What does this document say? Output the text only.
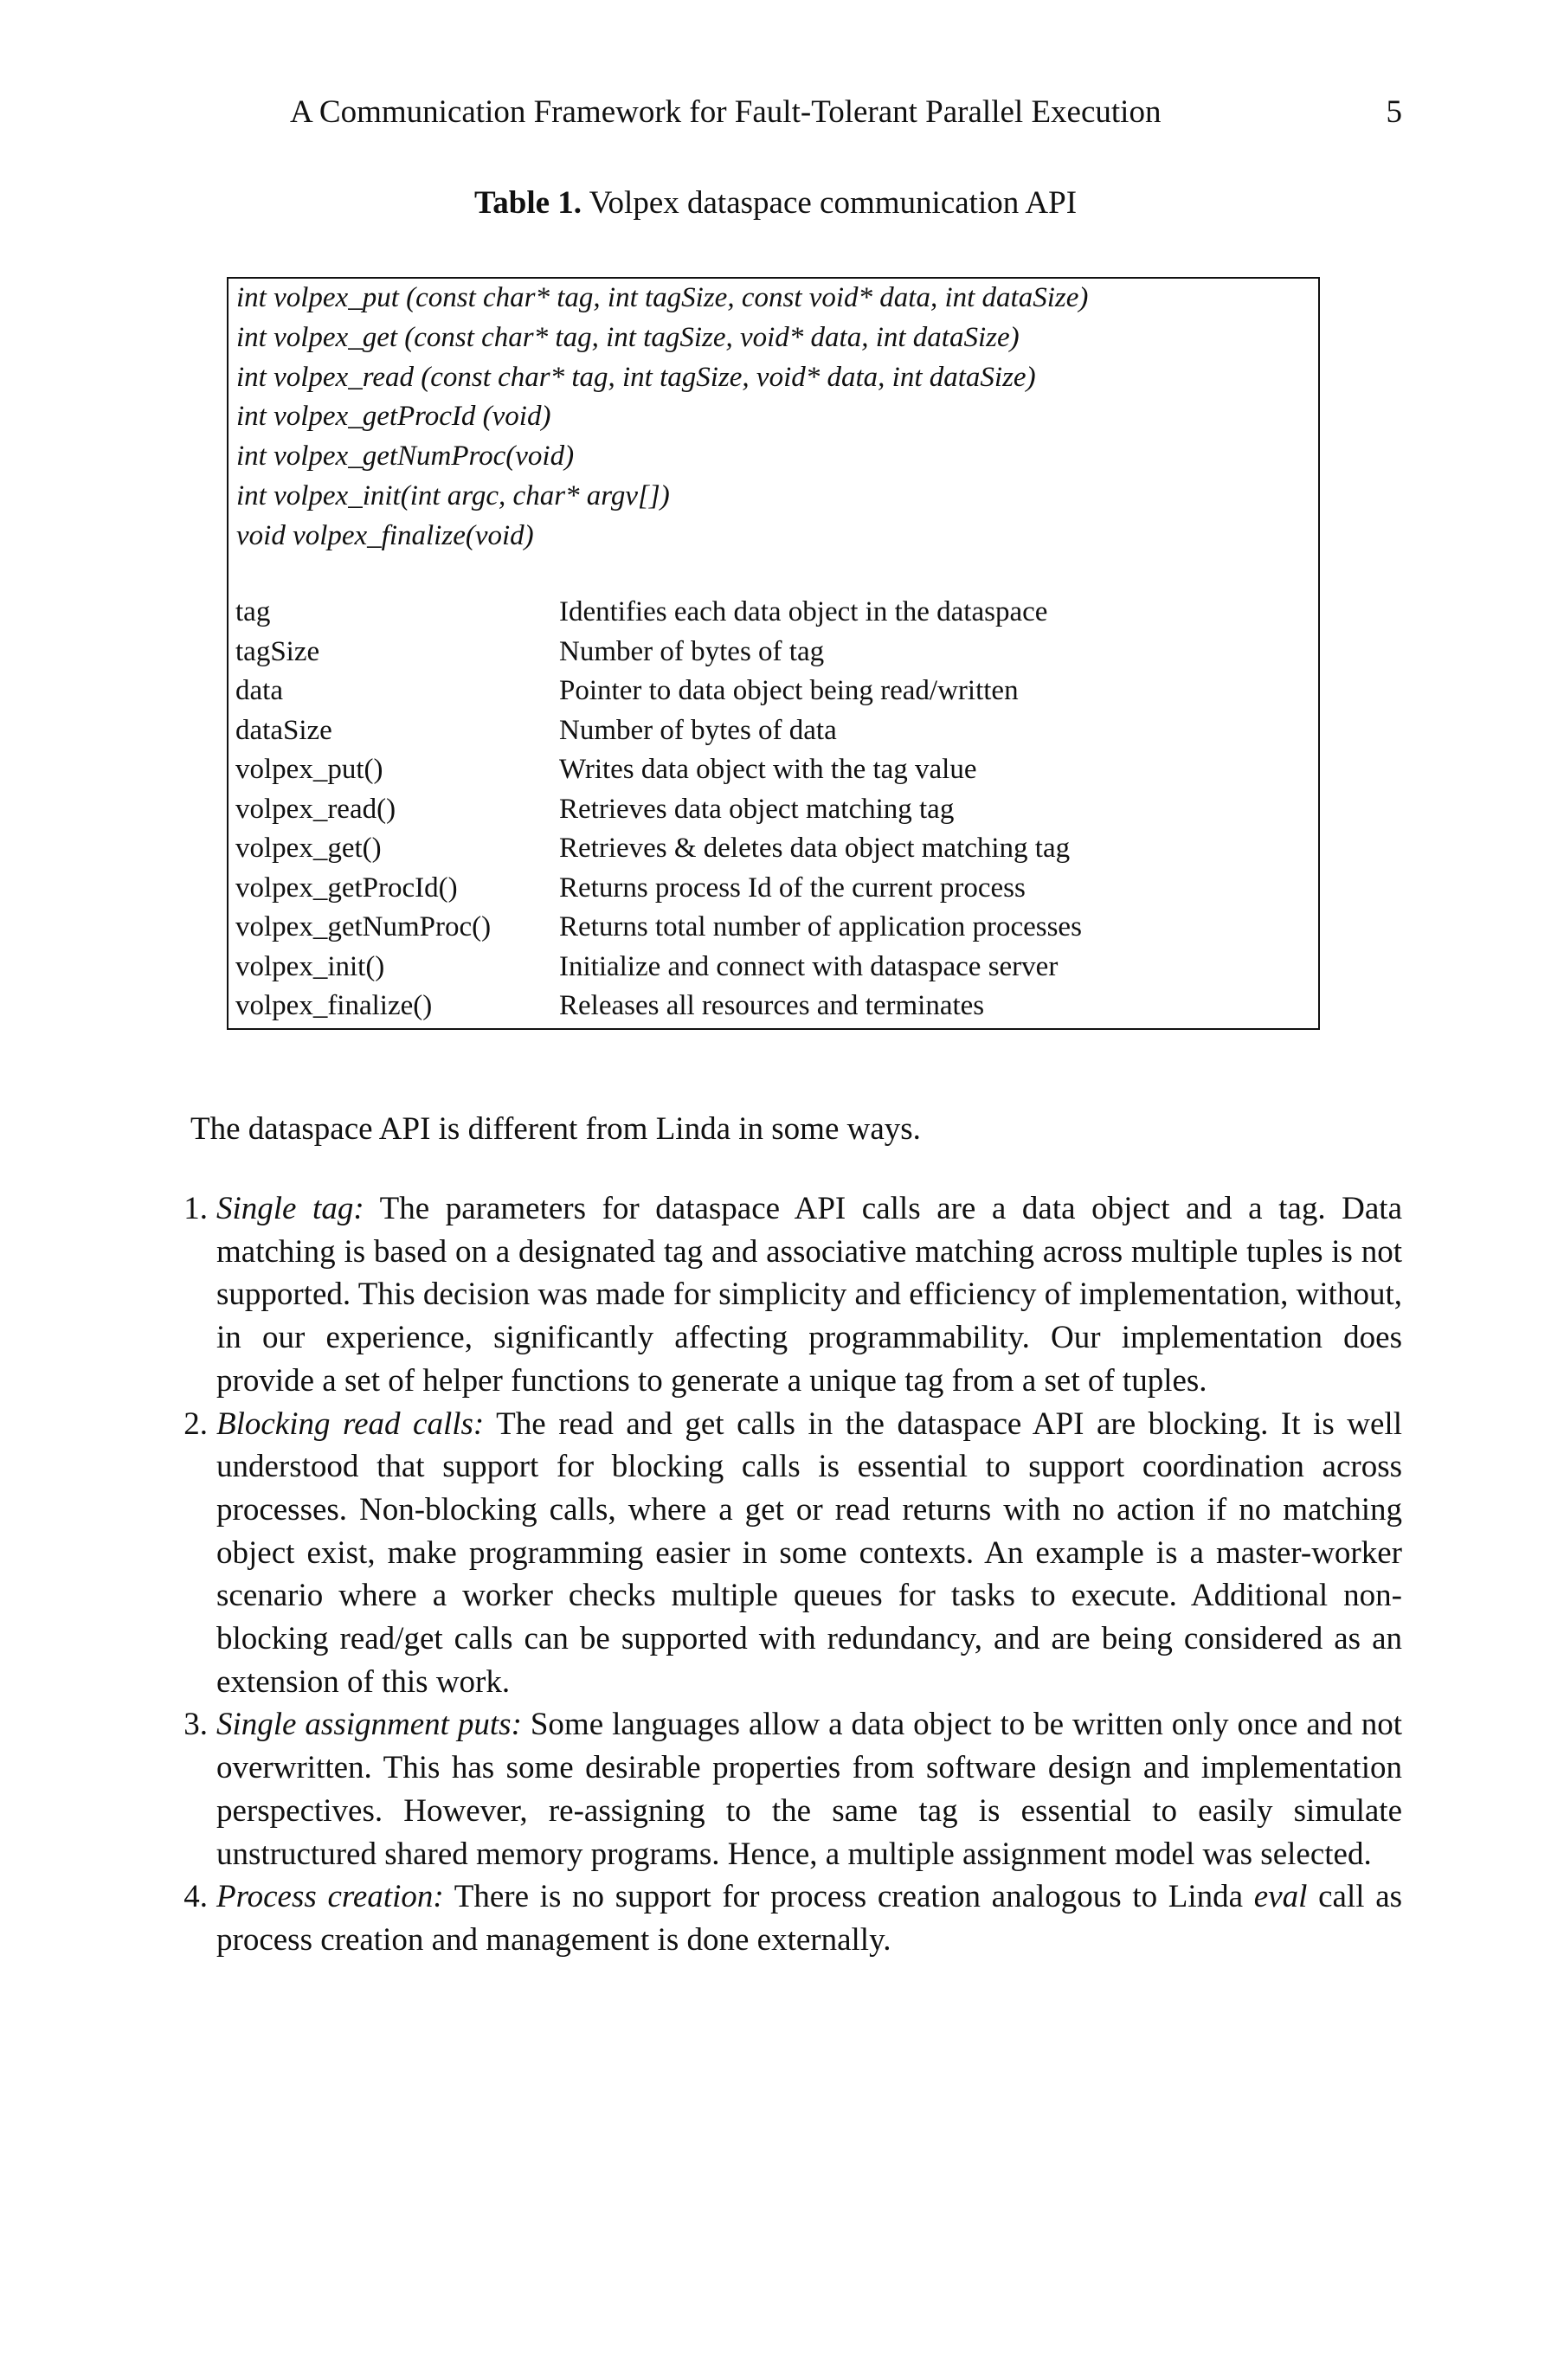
A Communication Framework for Fault-Tolerant Parallel Execution	5
Table 1. Volpex dataspace communication API
int volpex_put (const char* tag, int tagSize, const void* data, int dataSize)
int volpex_get (const char* tag, int tagSize, void* data, int dataSize)
int volpex_read (const char* tag, int tagSize, void* data, int dataSize)
int volpex_getProcId (void)
int volpex_getNumProc(void)
int volpex_init(int argc, char* argv[])
void volpex_finalize(void)
tag	Identifies each data object in the dataspace
tagSize	Number of bytes of tag
data	Pointer to data object being read/written
dataSize	Number of bytes of data
volpex_put()	Writes data object with the tag value
volpex_read()	Retrieves data object matching tag
volpex_get()	Retrieves & deletes data object matching tag
volpex_getProcId()	Returns process Id of the current process
volpex_getNumProc() Returns total number of application processes
volpex_init()	Initialize and connect with dataspace server
volpex_finalize()	Releases all resources and terminates
The dataspace API is different from Linda in some ways.
1. Single tag: The parameters for dataspace API calls are a data object and a tag. Data matching is based on a designated tag and associative matching across multiple tuples is not supported. This decision was made for simplicity and efficiency of implementation, without, in our experience, significantly affecting programmability. Our implementation does provide a set of helper functions to generate a unique tag from a set of tuples.
2. Blocking read calls: The read and get calls in the dataspace API are blocking. It is well understood that support for blocking calls is essential to support coordination across processes. Non-blocking calls, where a get or read returns with no action if no matching object exist, make programming easier in some contexts. An example is a master-worker scenario where a worker checks multiple queues for tasks to execute. Additional non-blocking read/get calls can be supported with redundancy, and are being considered as an extension of this work.
3. Single assignment puts: Some languages allow a data object to be written only once and not overwritten. This has some desirable properties from software design and implementation perspectives. However, re-assigning to the same tag is essential to easily simulate unstructured shared memory programs. Hence, a multiple assignment model was selected.
4. Process creation: There is no support for process creation analogous to Linda eval call as process creation and management is done externally.
